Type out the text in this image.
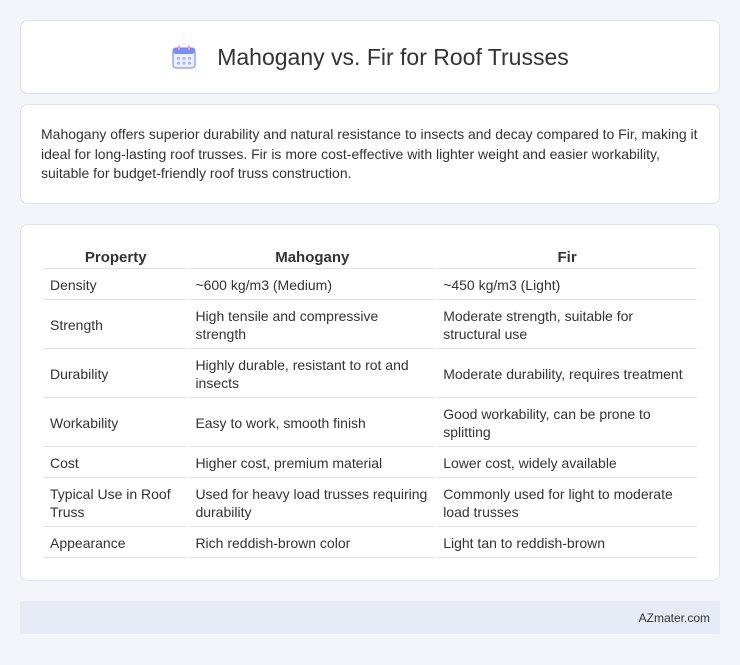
Mahogany vs. Fir for Roof Trusses

Mahogany offers superior durability and natural resistance to insects and decay compared to Fir, making it ideal for long-lasting roof trusses. Fir is more cost-effective with lighter weight and easier workability, suitable for budget-friendly roof truss construction.

Property	Mahogany	Fir
Density	~600 kg/m3 (Medium)	~450 kg/m3 (Light)
Strength	High tensile and compressive strength	Moderate strength, suitable for structural use
Durability	Highly durable, resistant to rot and insects	Moderate durability, requires treatment
Workability	Easy to work, smooth finish	Good workability, can be prone to splitting
Cost	Higher cost, premium material	Lower cost, widely available
Typical Use in Roof Truss	Used for heavy load trusses requiring durability	Commonly used for light to moderate load trusses
Appearance	Rich reddish-brown color	Light tan to reddish-brown
AZmater.com
